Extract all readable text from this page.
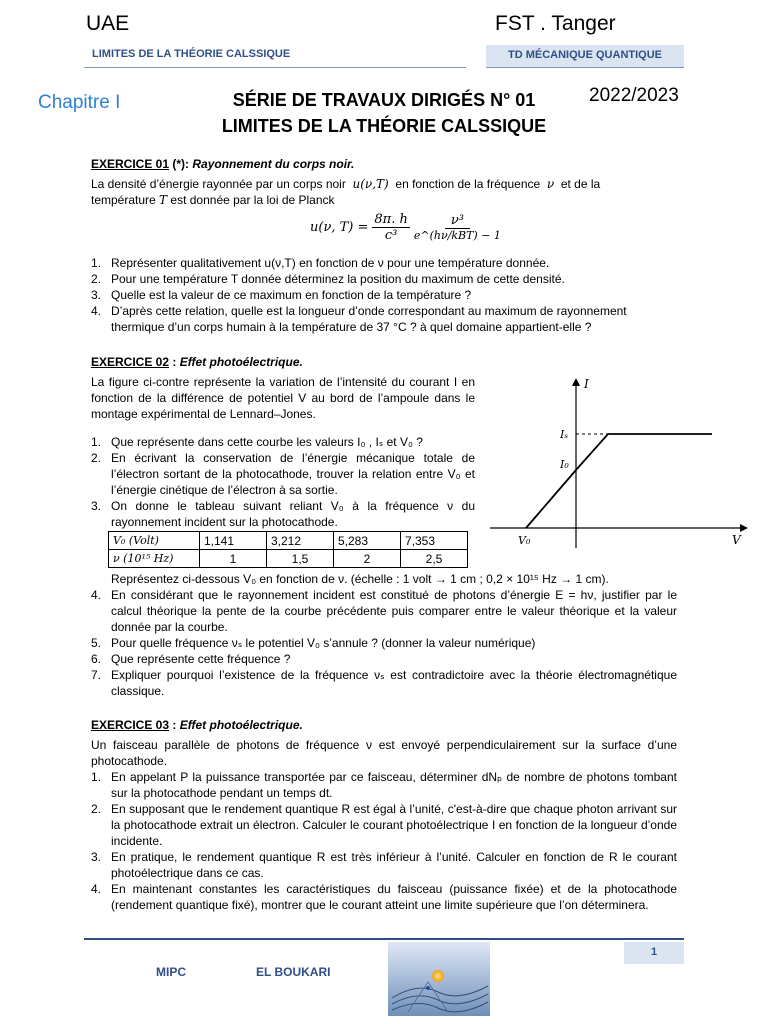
UAE	FST . Tanger
LIMITES DE LA THÉORIE CALSSIQUE	TD MÉCANIQUE QUANTIQUE
Chapitre I	2022/2023
SÉRIE DE TRAVAUX DIRIGÉS N° 01
LIMITES DE LA THÉORIE CALSSIQUE
EXERCICE 01 (*): Rayonnement du corps noir.
La densité d’énergie rayonnée par un corps noir u(ν,T) en fonction de la fréquence ν et de la
température T est donnée par la loi de Planck
u(ν, $T) = \frac{8\pi. h}{\text{c³}}$	ν³
e^(hν/kBT) − 1
1. Représenter qualitativement u(ν,T) en fonction de ν pour une température donnée.
2. Pour une température T donnée déterminez la position du maximum de cette densité.
3. Quelle est la valeur de ce maximum en fonction de la température ?
4. D’après cette relation, quelle est la longueur d’onde correspondant au maximum de rayonnement thermique d’un corps humain à la température de 37 °C ? à quel domaine appartient-elle ?
EXERCICE 02 : Effet photoélectrique.
La figure ci-contre représente la variation de l’intensité du courant I en fonction de la différence de potentiel V au bord de l’ampoule dans le montage expérimental de Lennard–Jones.
1. Que représente dans cette courbe les valeurs I₀ , Iₛ et V₀ ?
2. En écrivant la conservation de l’énergie mécanique totale de l’électron sortant de la photocathode, trouver la relation entre V₀ et l’énergie cinétique de l’électron à sa sortie.
3. On donne le tableau suivant reliant V₀ à la fréquence ν du rayonnement incident sur la photocathode.
I
V
Iₛ
I₀
V₀
V₀ (Volt)	1,141	3,212	5,283	7,353
ν (10¹⁵ Hz)	1	1,5	2	2,5
Représentez ci-dessous V₀ en fonction de ν. (échelle : 1 volt → 1 cm ; 0,2 × 10¹⁵ Hz → 1 cm).
4. En considérant que le rayonnement incident est constitué de photons d’énergie E = hν, justifier par le calcul théorique la pente de la courbe précédente puis comparer entre le valeur théorique et la valeur donnée par la courbe.
5. Pour quelle fréquence νₛ le potentiel V₀ s’annule ? (donner la valeur numérique)
6. Que représente cette fréquence ?
7. Expliquer pourquoi l’existence de la fréquence νₛ est contradictoire avec la théorie électromagnétique classique.
EXERCICE 03 : Effet photoélectrique.
Un faisceau parallèle de photons de fréquence ν est envoyé perpendiculairement sur la surface d’une photocathode.
1. En appelant P la puissance transportée par ce faisceau, déterminer dNₚ de nombre de photons tombant sur la photocathode pendant un temps dt.
2. En supposant que le rendement quantique R est égal à l’unité, c'est-à-dire que chaque photon arrivant sur la photocathode extrait un électron. Calculer le courant photoélectrique I en fonction de la longueur d’onde incidente.
3. En pratique, le rendement quantique R est très inférieur à l’unité. Calculer en fonction de R le courant photoélectrique dans ce cas.
4. En maintenant constantes les caractéristiques du faisceau (puissance fixée) et de la photocathode (rendement quantique fixé), montrer que le courant atteint une limite supérieure que l’on déterminera.
1
MIPC	EL BOUKARI
